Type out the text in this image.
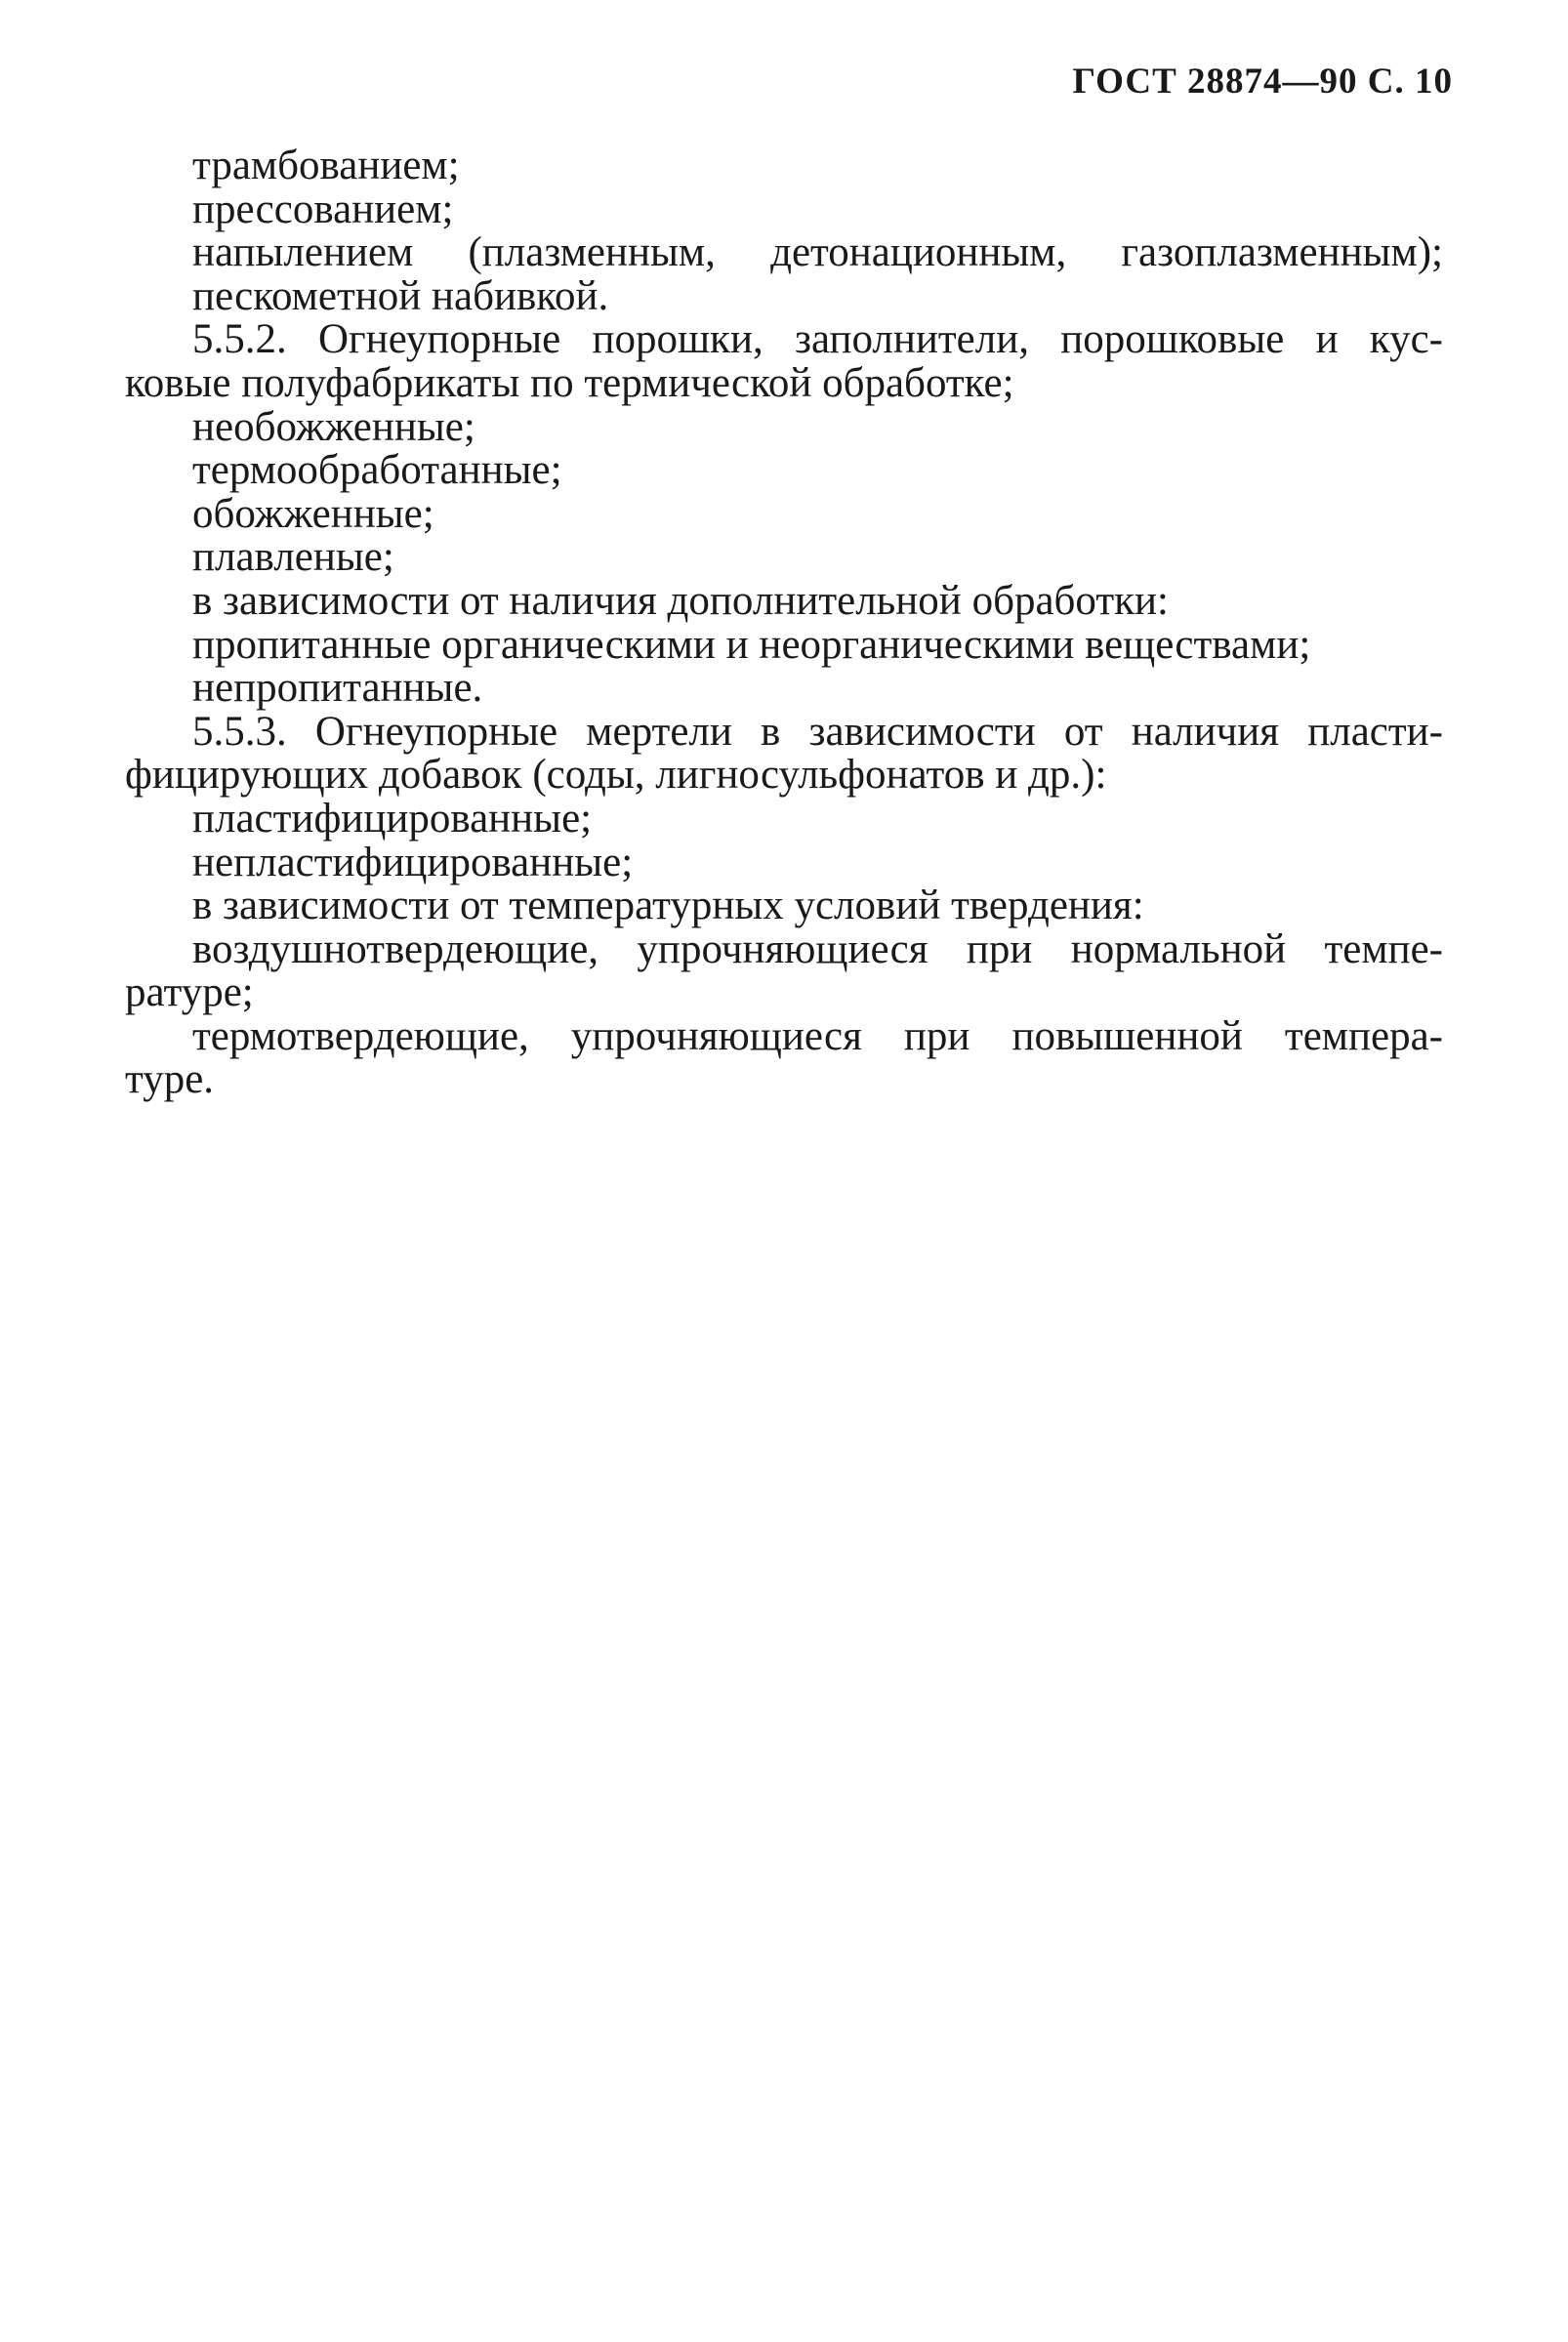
ГОСТ 28874—90 С. 10
трамбованием;
прессованием;
напылением (плазменным, детонационным, газоплазменным);
пескометной набивкой.
5.5.2. Огнеупорные порошки, заполнители, порошковые и кус-
ковые полуфабрикаты по термической обработке;
необожженные;
термообработанные;
обожженные;
плавленые;
в зависимости от наличия дополнительной обработки:
пропитанные органическими и неорганическими веществами;
непропитанные.
5.5.3. Огнеупорные мертели в зависимости от наличия пласти-
фицирующих добавок (соды, лигносульфонатов и др.):
пластифицированные;
непластифицированные;
в зависимости от температурных условий твердения:
воздушнотвердеющие, упрочняющиеся при нормальной темпе-
ратуре;
термотвердеющие, упрочняющиеся при повышенной темпера-
туре.
